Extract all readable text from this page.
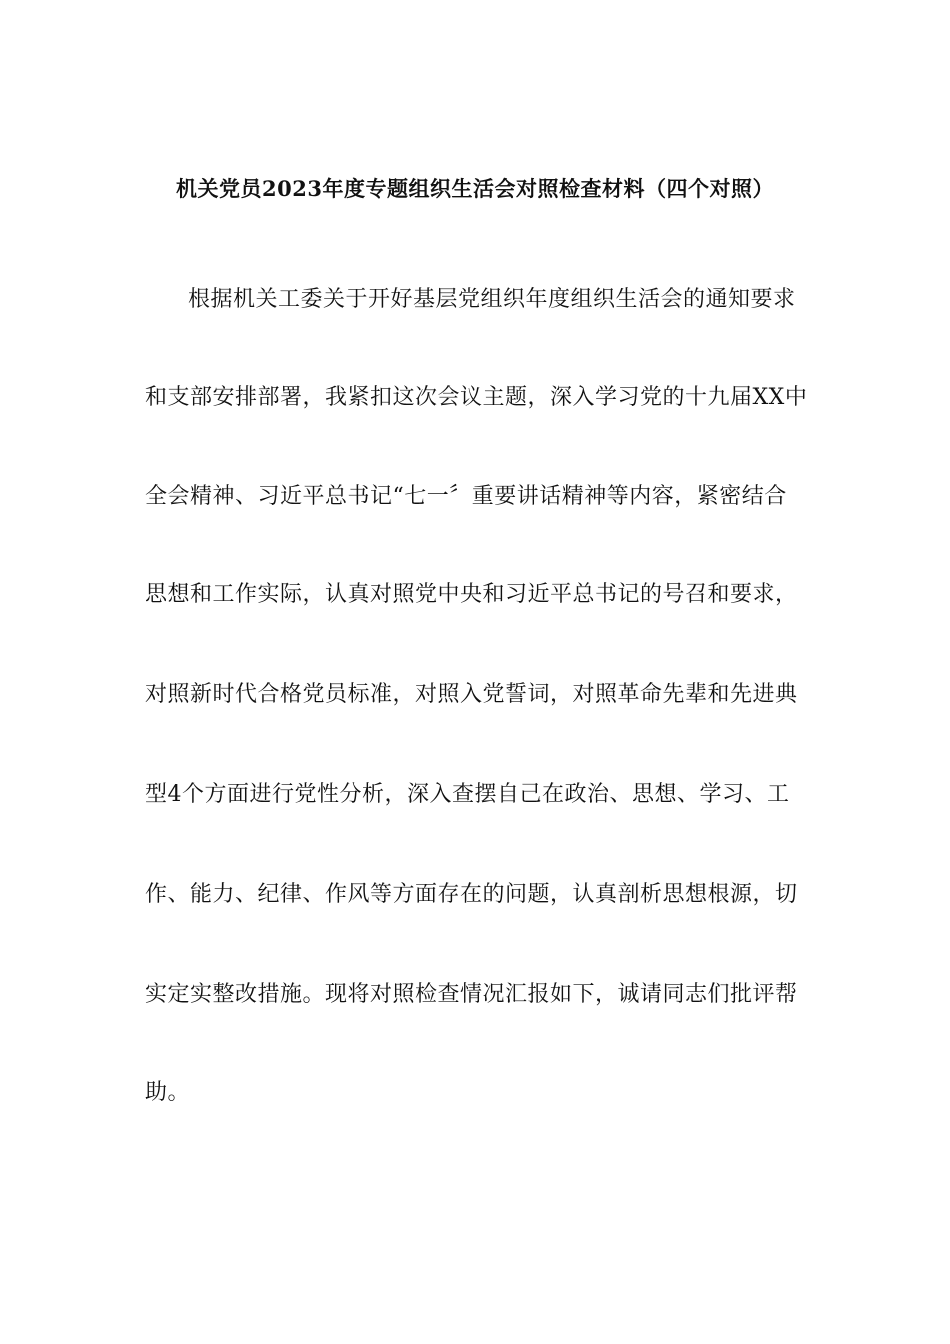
机关党员2023年度专题组织生活会对照检查材料（四个对照）
根据机关工委关于开好基层党组织年度组织生活会的通知要求
和支部安排部署，我紧扣这次会议主题，深入学习党的十九届XX中
全会精神、习近平总书记“七一〞重要讲话精神等内容，紧密结合
思想和工作实际，认真对照党中央和习近平总书记的号召和要求，
对照新时代合格党员标准，对照入党誓词，对照革命先辈和先进典
型4个方面进行党性分析，深入查摆自己在政治、思想、学习、工
作、能力、纪律、作风等方面存在的问题，认真剖析思想根源，切
实定实整改措施。现将对照检查情况汇报如下，诚请同志们批评帮
助。
